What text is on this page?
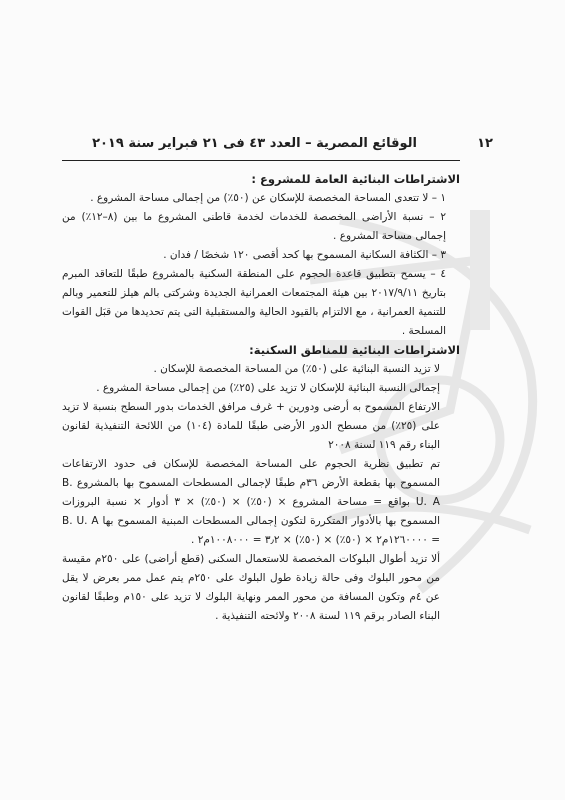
١٢
الوقائع المصرية – العدد ٤٣ فى ٢١ فبراير سنة ٢٠١٩

الاشتراطات البنائية العامة للمشروع :

١ – لا تتعدى المساحة المخصصة للإسكان عن (٥٠٪) من إجمالى مساحة المشروع .

٢ – نسبة الأراضى المخصصة للخدمات لخدمة قاطنى المشروع ما بين (٨–١٢٪) من إجمالى مساحة المشروع .

٣ – الكثافة السكانية المسموح بها كحد أقصى ١٢٠ شخصًا / فدان .

٤ – يسمح بتطبيق قاعدة الحجوم على المنطقة السكنية بالمشروع طبقًا للتعاقد المبرم بتاريخ ٢٠١٧/٩/١١ بين هيئة المجتمعات العمرانية الجديدة وشركتى بالم هيلز للتعمير وبالم للتنمية العمرانية ، مع الالتزام بالقيود الحالية والمستقبلية التى يتم تحديدها من قبَل القوات المسلحة .

الاشتراطات البنائية للمناطق السكنية:

لا تزيد النسبة البنائية على (٥٠٪) من المساحة المخصصة للإسكان .

إجمالى النسبة البنائية للإسكان لا تزيد على (٢٥٪) من إجمالى مساحة المشروع .

الارتفاع المسموح به أرضى ودورين + غرف مرافق الخدمات بدور السطح بنسبة لا تزيد على (٢٥٪) من مسطح الدور الأرضى طبقًا للمادة (١٠٤) من اللائحة التنفيذية لقانون البناء رقم ١١٩ لسنة ٢٠٠٨

تم تطبيق نظرية الحجوم على المساحة المخصصة للإسكان فى حدود الارتفاعات المسموح بها بقطعة الأرض ٣٦م طبقًا لإجمالى المسطحات المسموح بها بالمشروع B. U. A بواقع = مساحة المشروع × (٥٠٪) × (٥٠٪) × ٣ أدوار × نسبة البروزات المسموح بها بالأدوار المتكررة لتكون إجمالى المسطحات المبنية المسموح بها B. U. A = ١٢٦٠٠٠٠م٢ × (٥٠٪) × (٥٠٪) × ٣٫٢ = ١٠٠٨٠٠٠م٢ .

ألا تزيد أطوال البلوكات المخصصة للاستعمال السكنى (قطع أراضى) على ٢٥٠م مقيسة من محور البلوك وفى حالة زيادة طول البلوك على ٢٥٠م يتم عمل ممر بعرض لا يقل عن ٤م وتكون المسافة من محور الممر ونهاية البلوك لا تزيد على ١٥٠م وطبقًا لقانون البناء الصادر برقم ١١٩ لسنة ٢٠٠٨ ولائحته التنفيذية .
